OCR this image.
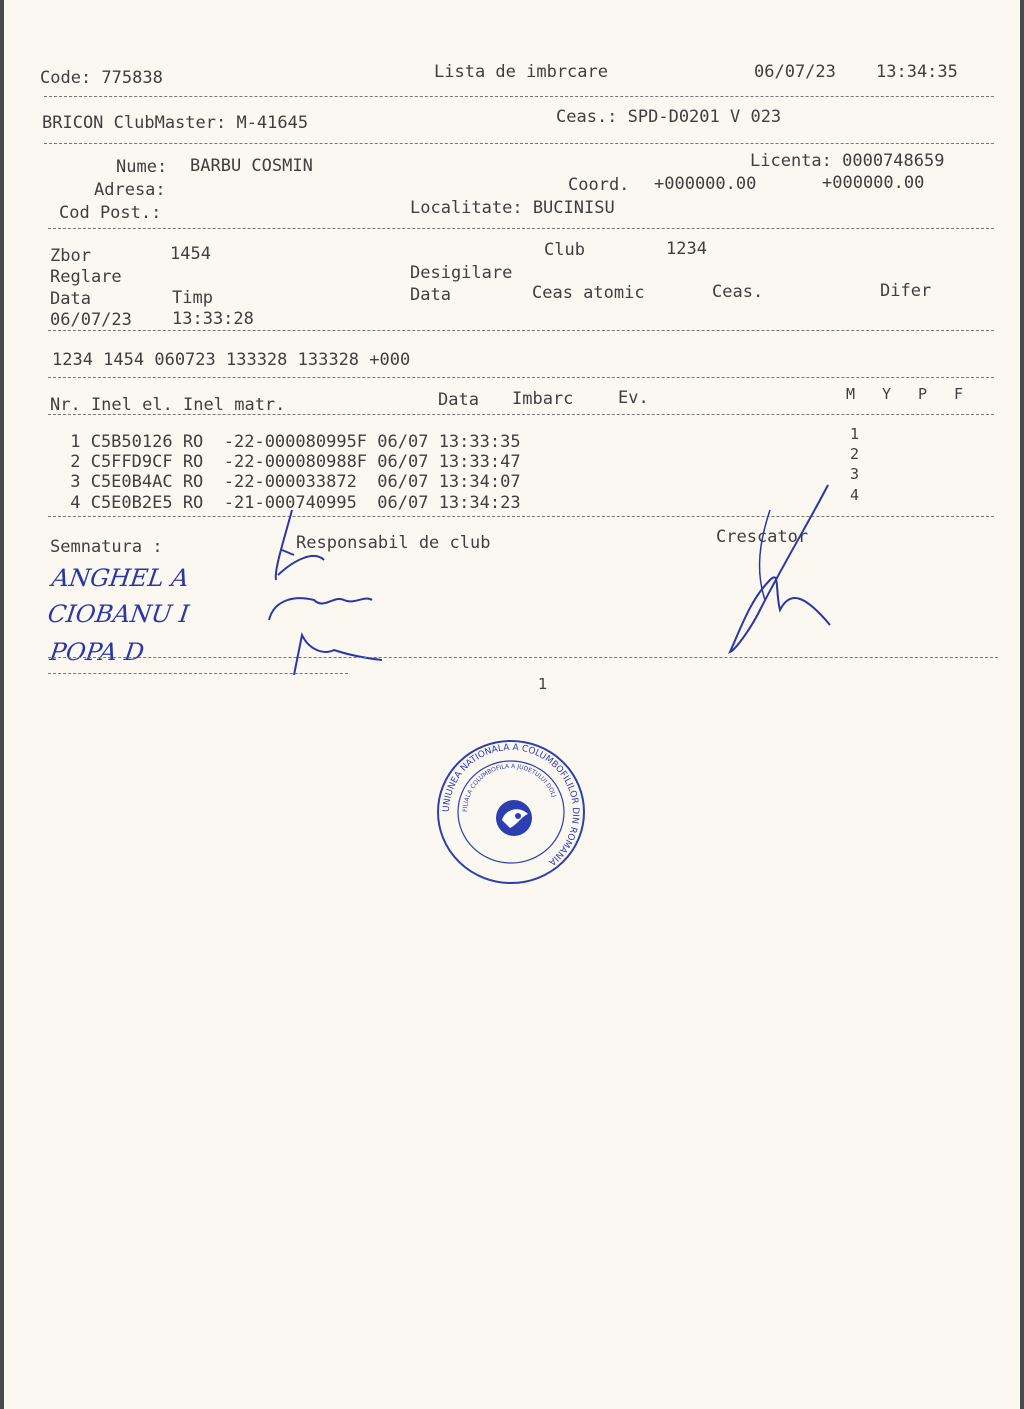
Code: 775838	Lista de imbrcare	06/07/23 13:34:35
BRICON ClubMaster: M-41645	Ceas.: SPD-D0201 V 023
Nume: BARBU COSMIN	Licenta: 0000748659
Adresa:	Coord. +000000.00	+000000.00
Cod Post.:	Localitate: BUCINISU
Zbor	1454	Club	1234
Reglare	Desigilare
Data	Timp	Data	Ceas atomic	Ceas.	Difer
06/07/23 13:33:28
1234 1454 060723 133328 133328 +000
Nr. Inel el. Inel matr.	Data Imbarc	Ev.	M Y P F
1 C5B50126 RO  -22-000080995F 06/07 13:33:35	1
2 C5FFD9CF RO  -22-000080988F 06/07 13:33:47	2
3 C5E0B4AC RO  -22-000033872  06/07 13:34:07	3
4 C5E0B2E5 RO  -21-000740995  06/07 13:34:23	4
Semnatura :	Responsabil de club	Crescator
ANGHEL A
CIOBANU I
POPA D
1
UNIUNEA NATIONALA A COLUMBOFILILOR DIN ROMANIA
FILIALA COLUMBOFILA A JUDETULUI DOLJ
